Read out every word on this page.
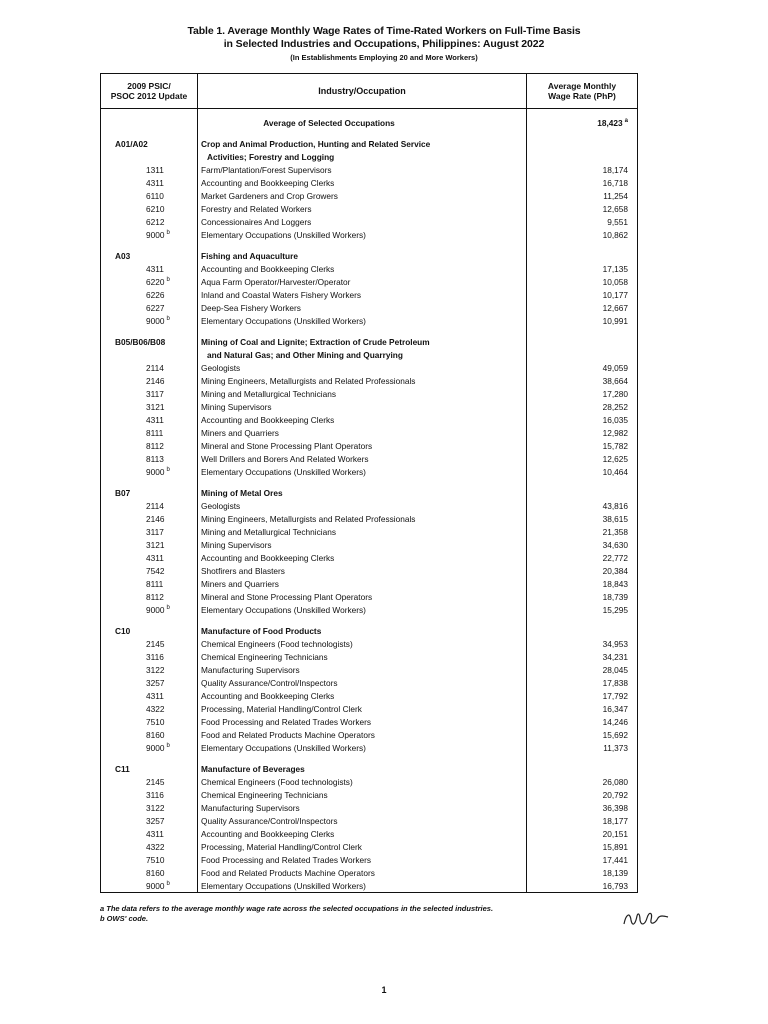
Table 1. Average Monthly Wage Rates of Time-Rated Workers on Full-Time Basis
in Selected Industries and Occupations, Philippines: August 2022
(In Establishments Employing 20 and More Workers)
2009 PSIC/
PSOC 2012 Update	Industry/Occupation	Average Monthly
Wage Rate (PhP)
Average of Selected Occupations	18,423 $^a$
A01/A02	Crop and Animal Production, Hunting and Related Service
Activities; Forestry and Logging
1311	Farm/Plantation/Forest Supervisors	18,174
4311	Accounting and Bookkeeping Clerks	16,718
6110	Market Gardeners and Crop Growers	11,254
6210	Forestry and Related Workers	12,658
6212	Concessionaires And Loggers	9,551
9000 $^b$	Elementary Occupations (Unskilled Workers)	10,862
A03	Fishing and Aquaculture
4311	Accounting and Bookkeeping Clerks	17,135
6220 $^b$	Aqua Farm Operator/Harvester/Operator	10,058
6226	Inland and Coastal Waters Fishery Workers	10,177
6227	Deep-Sea Fishery Workers	12,667
9000 $^b$	Elementary Occupations (Unskilled Workers)	10,991
B05/B06/B08	Mining of Coal and Lignite; Extraction of Crude Petroleum
and Natural Gas; and Other Mining and Quarrying
2114	Geologists	49,059
2146	Mining Engineers, Metallurgists and Related Professionals	38,664
3117	Mining and Metallurgical Technicians	17,280
3121	Mining Supervisors	28,252
4311	Accounting and Bookkeeping Clerks	16,035
8111	Miners and Quarriers	12,982
8112	Mineral and Stone Processing Plant Operators	15,782
8113	Well Drillers and Borers And Related Workers	12,625
9000 $^b$	Elementary Occupations (Unskilled Workers)	10,464
B07	Mining of Metal Ores
2114	Geologists	43,816
2146	Mining Engineers, Metallurgists and Related Professionals	38,615
3117	Mining and Metallurgical Technicians	21,358
3121	Mining Supervisors	34,630
4311	Accounting and Bookkeeping Clerks	22,772
7542	Shotfirers and Blasters	20,384
8111	Miners and Quarriers	18,843
8112	Mineral and Stone Processing Plant Operators	18,739
9000 $^b$	Elementary Occupations (Unskilled Workers)	15,295
C10	Manufacture of Food Products
2145	Chemical Engineers (Food technologists)	34,953
3116	Chemical Engineering Technicians	34,231
3122	Manufacturing Supervisors	28,045
3257	Quality Assurance/Control/Inspectors	17,838
4311	Accounting and Bookkeeping Clerks	17,792
4322	Processing, Material Handling/Control Clerk	16,347
7510	Food Processing and Related Trades Workers	14,246
8160	Food and Related Products Machine Operators	15,692
9000 $^b$	Elementary Occupations (Unskilled Workers)	11,373
C11	Manufacture of Beverages
2145	Chemical Engineers (Food technologists)	26,080
3116	Chemical Engineering Technicians	20,792
3122	Manufacturing Supervisors	36,398
3257	Quality Assurance/Control/Inspectors	18,177
4311	Accounting and Bookkeeping Clerks	20,151
4322	Processing, Material Handling/Control Clerk	15,891
7510	Food Processing and Related Trades Workers	17,441
8160	Food and Related Products Machine Operators	18,139
9000 $^b$	Elementary Occupations (Unskilled Workers)	16,793
a The data refers to the average monthly wage rate across the selected occupations in the selected industries.
b OWS' code.
1
